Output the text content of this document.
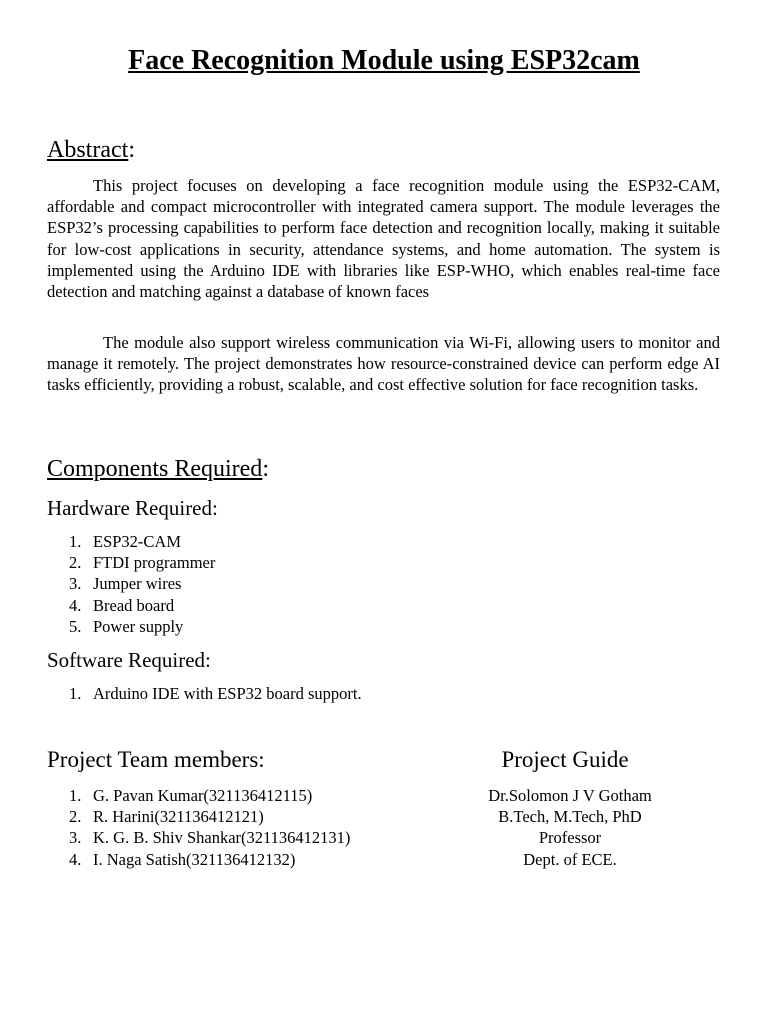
Face Recognition Module using ESP32cam
Abstract:

This project focuses on developing a face recognition module using the ESP32-CAM, affordable and compact microcontroller with integrated camera support. The module leverages the ESP32’s processing capabilities to perform face detection and recognition locally, making it suitable for low-cost applications in security, attendance systems, and home automation. The system is implemented using the Arduino IDE with libraries like ESP-WHO, which enables real-time face detection and matching against a database of known faces

The module also support wireless communication via Wi-Fi, allowing users to monitor and manage it remotely. The project demonstrates how resource-constrained device can perform edge AI tasks efficiently, providing a robust, scalable, and cost effective solution for face recognition tasks.

Components Required:
Hardware Required:
1. ESP32-CAM
2. FTDI programmer
3. Jumper wires
4. Bread board
5. Power supply
Software Required:
1. Arduino IDE with ESP32 board support.
Project Team members:	Project Guide
1. G. Pavan Kumar(321136412115)
2. R. Harini(321136412121)
3. K. G. B. Shiv Shankar(321136412131)
4. I. Naga Satish(321136412132)
Dr.Solomon J V Gotham
B.Tech, M.Tech, PhD
Professor
Dept. of ECE.
